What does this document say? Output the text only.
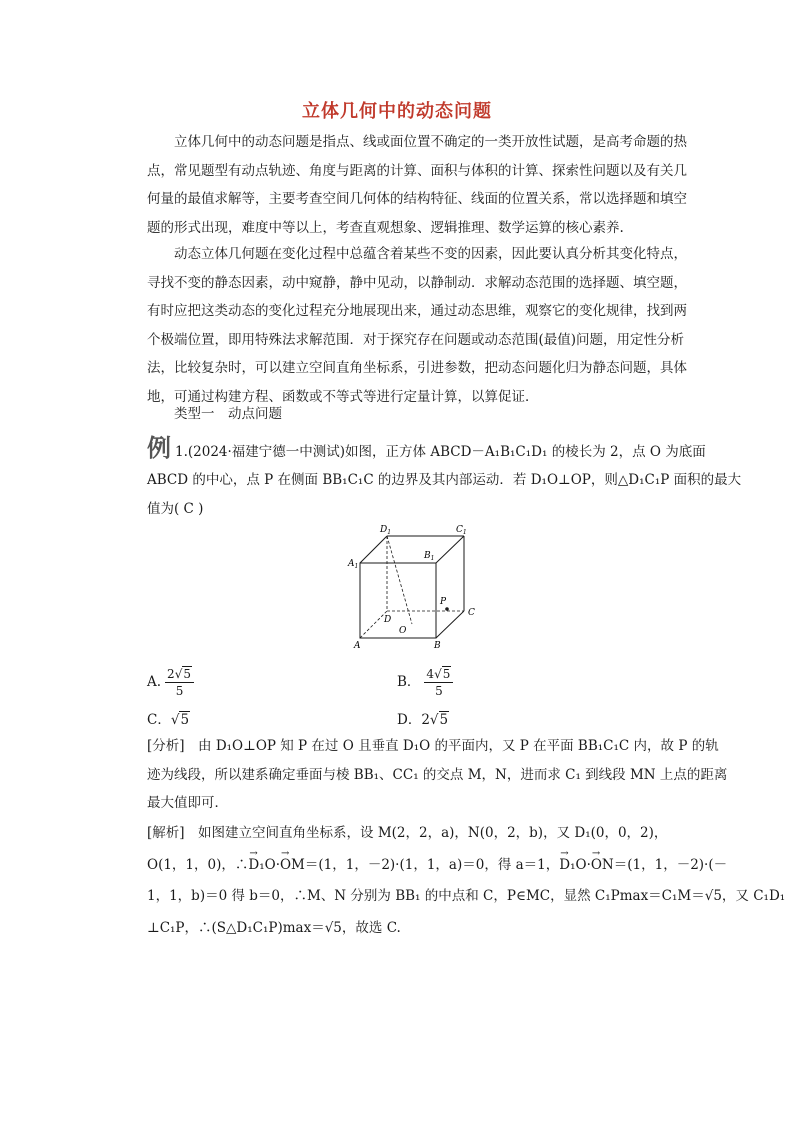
立体几何中的动态问题
立体几何中的动态问题是指点、线或面位置不确定的一类开放性试题，是高考命题的热
点，常见题型有动点轨迹、角度与距离的计算、面积与体积的计算、探索性问题以及有关几
何量的最值求解等，主要考查空间几何体的结构特征、线面的位置关系，常以选择题和填空
题的形式出现，难度中等以上，考查直观想象、逻辑推理、数学运算的核心素养.
动态立体几何题在变化过程中总蕴含着某些不变的因素，因此要认真分析其变化特点，
寻找不变的静态因素，动中窥静，静中见动，以静制动．求解动态范围的选择题、填空题，
有时应把这类动态的变化过程充分地展现出来，通过动态思维，观察它的变化规律，找到两
个极端位置，即用特殊法求解范围．对于探究存在问题或动态范围(最值)问题，用定性分析
法，比较复杂时，可以建立空间直角坐标系，引进参数，把动态问题化归为静态问题，具体
地，可通过构建方程、函数或不等式等进行定量计算，以算促证．
类型一　动点问题
例 1.(2024·福建宁德一中测试)如图，正方体 ABCD－A₁B₁C₁D₁ 的棱长为 2，点 O 为底面
ABCD 的中心，点 P 在侧面 BB₁C₁C 的边界及其内部运动．若 D₁O⊥OP，则△D₁C₁P 面积的最大
值为( C )
$D_1$	$C_1$
$B_1$
$A_1$
P
C
D
O
A	B
A. $\frac{2√5}{5}$	B． $\frac{4√5}{5}$
C．√5	D．2√5
[分析]　由 D₁O⊥OP 知 P 在过 O 且垂直 D₁O 的平面内，又 P 在平面 BB₁C₁C 内，故 P 的轨
迹为线段，所以建系确定垂面与棱 BB₁、CC₁ 的交点 M，N，进而求 C₁ 到线段 MN 上点的距离
最大值即可．
[解析]　如图建立空间直角坐标系，设 M(2，2，a)，N(0，2，b)，又 D₁(0，0，2)，
O(1，1，0)，∴→ D₁O·→ OM＝(1，1，－2)·(1，1，a)＝0，得 a＝1，→ D₁O·→ ON＝(1，1，－2)·(－
1，1，b)＝0 得 b＝0，∴M、N 分别为 BB₁ 的中点和 C，P∈MC，显然 C₁Pmax＝C₁M＝√5，又 C₁D₁
⊥C₁P，∴(S△D₁C₁P)max＝√5，故选 C.
